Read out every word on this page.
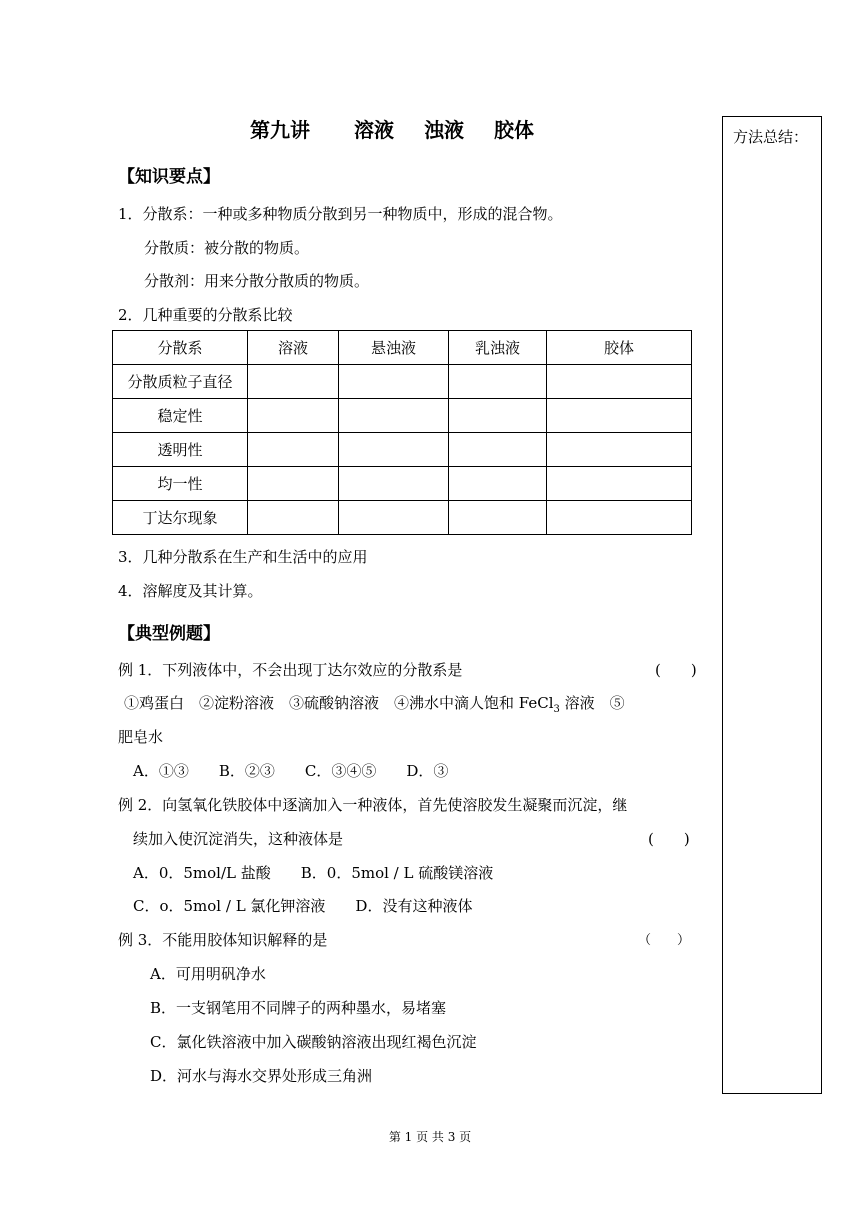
第九讲 溶液 浊液 胶体	方法总结：
【知识要点】
1．分散系：一种或多种物质分散到另一种物质中，形成的混合物。
分散质：被分散的物质。
分散剂：用来分散分散质的物质。
2．几种重要的分散系比较
分散系	溶液	悬浊液	乳浊液	胶体
分散质粒子直径				
稳定性				
透明性				
均一性				
丁达尔现象				
3．几种分散系在生产和生活中的应用
4．溶解度及其计算。
【典型例题】
例 1．下列液体中，不会出现丁达尔效应的分散系是	(　　)
①鸡蛋白　②淀粉溶液　③硫酸钠溶液　④沸水中滴人饱和 FeCl$_3$ 溶液　⑤
肥皂水
A．①③　　B．②③　　C．③④⑤　　D．③
例 2．向氢氧化铁胶体中逐滴加入一种液体，首先使溶胶发生凝聚而沉淀，继
续加入使沉淀消失，这种液体是	(　　)
A．0．5mol/L 盐酸　　B．0．5mol / L 硫酸镁溶液
C．o．5mol / L 氯化钾溶液　　D．没有这种液体
例 3．不能用胶体知识解释的是	（　　）
A．可用明矾净水
B．一支钢笔用不同牌子的两种墨水，易堵塞
C．氯化铁溶液中加入碳酸钠溶液出现红褐色沉淀
D．河水与海水交界处形成三角洲
第 1 页 共 3 页
